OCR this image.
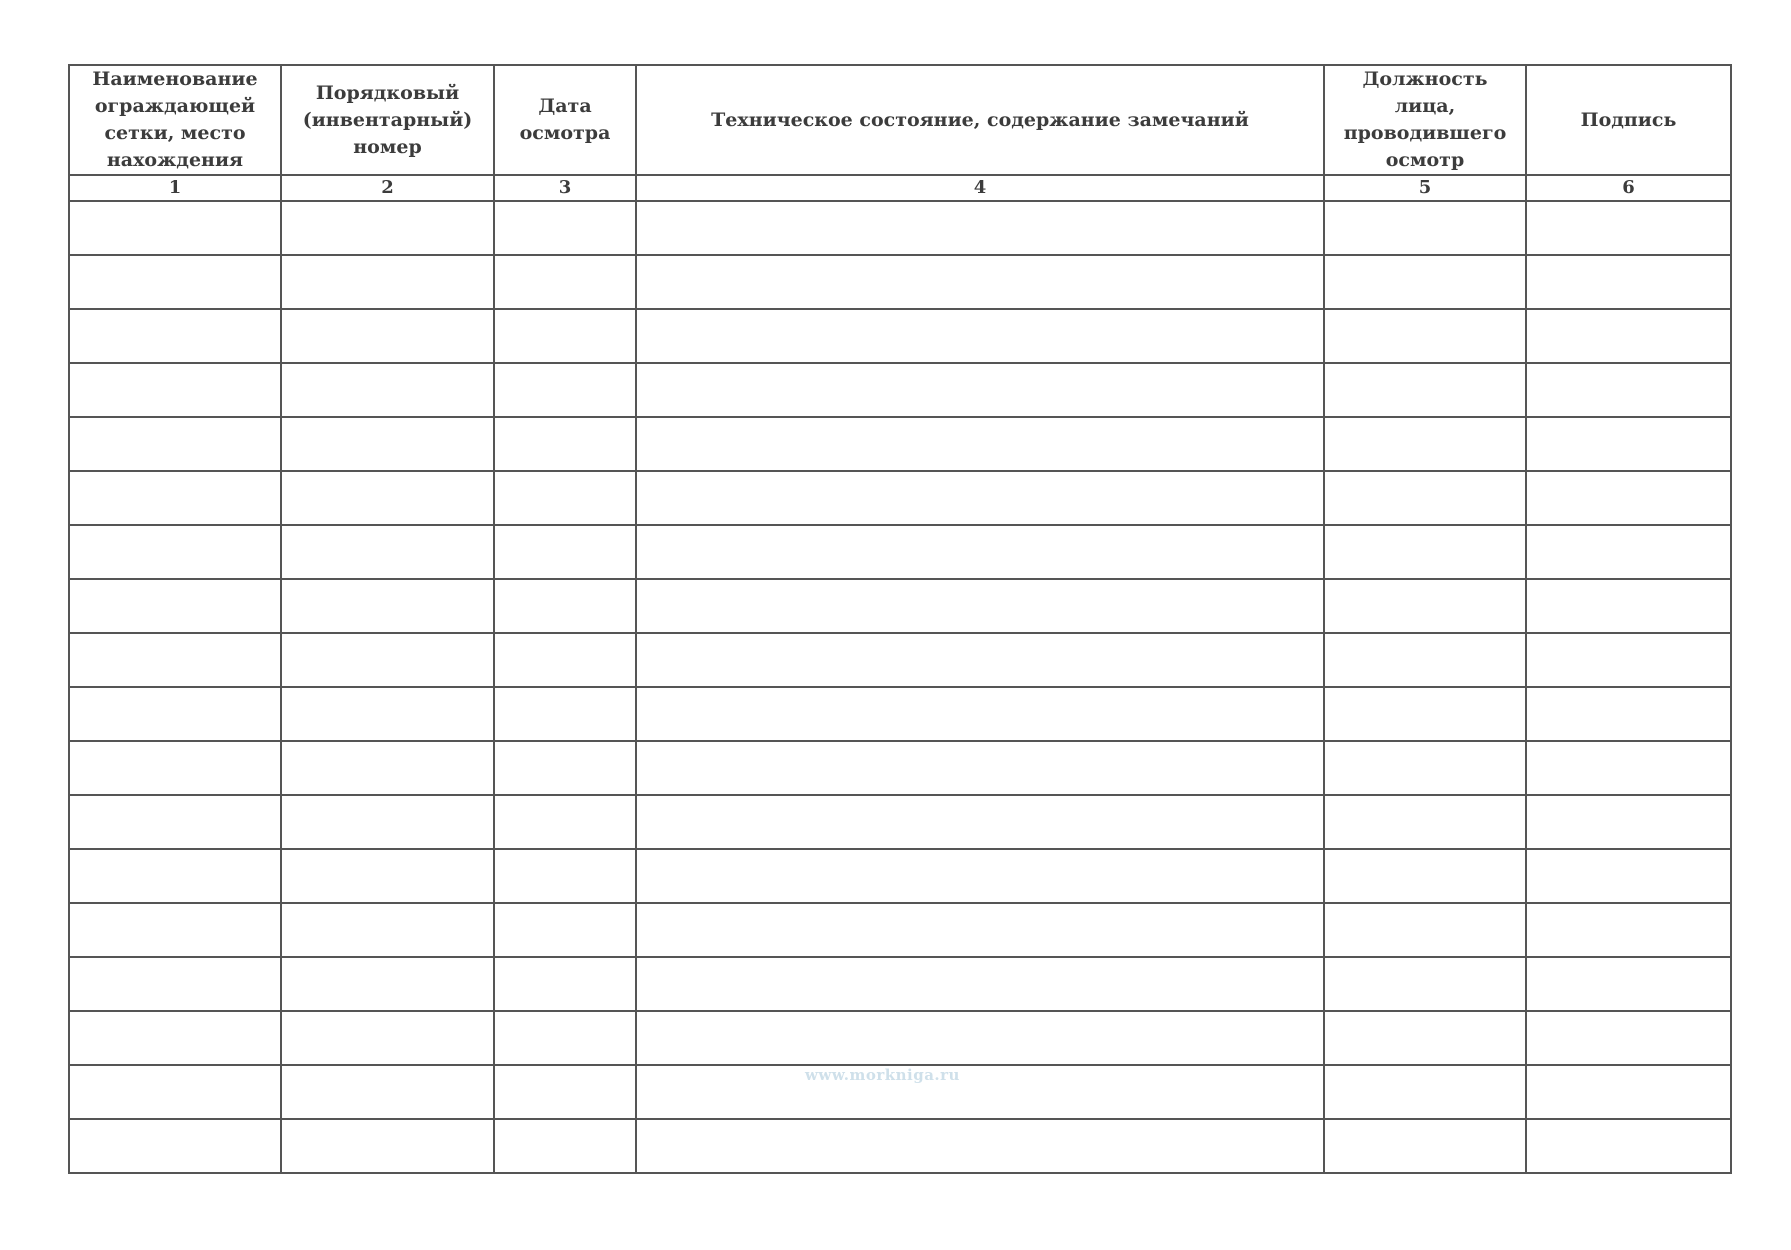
Наименование ограждающей сетки, место нахождения	Порядковый (инвентарный) номер	Дата осмотра	Техническое состояние, содержание замечаний	Должность лица, проводившего осмотр	Подпись
1	2	3	4	5	6

www.morkniga.ru
